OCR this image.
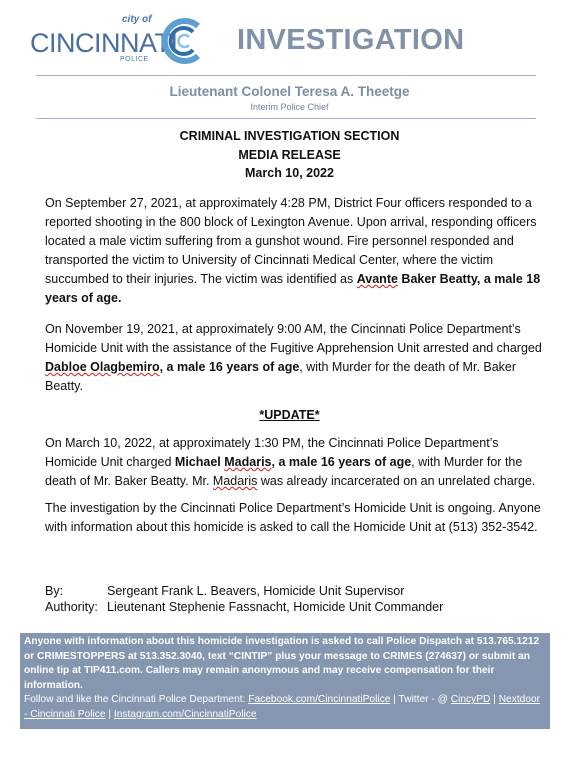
city of
CINCINNATI
POLICE
INVESTIGATION
Lieutenant Colonel Teresa A. Theetge
Interim Police Chief
CRIMINAL INVESTIGATION SECTION
MEDIA RELEASE
March 10, 2022

On September 27, 2021, at approximately 4:28 PM, District Four officers responded to a reported shooting in the 800 block of Lexington Avenue. Upon arrival, responding officers located a male victim suffering from a gunshot wound. Fire personnel responded and transported the victim to University of Cincinnati Medical Center, where the victim succumbed to their injuries. The victim was identified as Avante Baker Beatty, a male 18 years of age.

On November 19, 2021, at approximately 9:00 AM, the Cincinnati Police Department’s Homicide Unit with the assistance of the Fugitive Apprehension Unit arrested and charged Dabloe Olagbemiro, a male 16 years of age, with Murder for the death of Mr. Baker Beatty.

*UPDATE*

On March 10, 2022, at approximately 1:30 PM, the Cincinnati Police Department’s Homicide Unit charged Michael Madaris, a male 16 years of age, with Murder for the death of Mr. Baker Beatty. Mr. Madaris was already incarcerated on an unrelated charge.

The investigation by the Cincinnati Police Department’s Homicide Unit is ongoing. Anyone with information about this homicide is asked to call the Homicide Unit at (513) 352-3542.

By:	Sergeant Frank L. Beavers, Homicide Unit Supervisor
Authority: Lieutenant Stephenie Fassnacht, Homicide Unit Commander
Anyone with information about this homicide investigation is asked to call Police Dispatch at 513.765.1212 or CRIMESTOPPERS at 513.352.3040, text “CINTIP” plus your message to CRIMES (274637) or submit an online tip at TIP411.com. Callers may remain anonymous and may receive compensation for their information.
Follow and like the Cincinnati Police Department: Facebook.com/CincinnatiPolice | Twitter - @ CincyPD | Nextdoor - Cincinnati Police | Instagram.com/CincinnatiPolice
